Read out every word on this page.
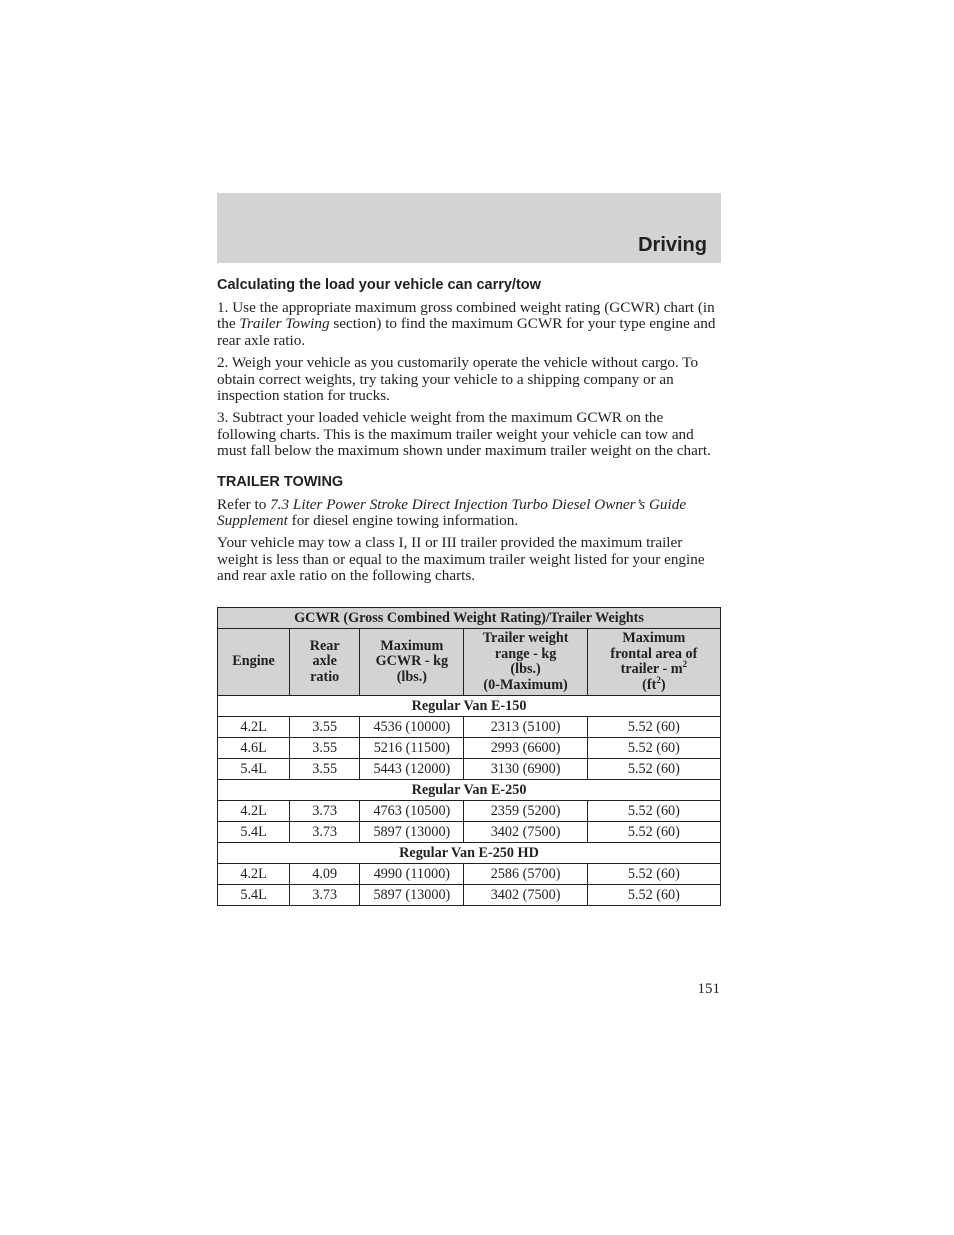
Driving
Calculating the load your vehicle can carry/tow

1. Use the appropriate maximum gross combined weight rating (GCWR) chart (in the Trailer Towing section) to find the maximum GCWR for your type engine and rear axle ratio.

2. Weigh your vehicle as you customarily operate the vehicle without cargo. To obtain correct weights, try taking your vehicle to a shipping company or an inspection station for trucks.

3. Subtract your loaded vehicle weight from the maximum GCWR on the following charts. This is the maximum trailer weight your vehicle can tow and must fall below the maximum shown under maximum trailer weight on the chart.

TRAILER TOWING

Refer to 7.3 Liter Power Stroke Direct Injection Turbo Diesel Owner’s Guide Supplement for diesel engine towing information.

Your vehicle may tow a class I, II or III trailer provided the maximum trailer weight is less than or equal to the maximum trailer weight listed for your engine and rear axle ratio on the following charts.

GCWR (Gross Combined Weight Rating)/Trailer Weights				
Engine	Rear
axle
ratio	Maximum
GCWR - kg
(lbs.)	Trailer weight
range - kg
(lbs.)
(0-Maximum)	Maximum
frontal area of
trailer - $m^2$
$(ft^2)$
Regular Van E-150				
4.2L	3.55	4536 (10000)	2313 (5100)	5.52 (60)
4.6L	3.55	5216 (11500)	2993 (6600)	5.52 (60)
5.4L	3.55	5443 (12000)	3130 (6900)	5.52 (60)
Regular Van E-250				
4.2L	3.73	4763 (10500)	2359 (5200)	5.52 (60)
5.4L	3.73	5897 (13000)	3402 (7500)	5.52 (60)
Regular Van E-250 HD				
4.2L	4.09	4990 (11000)	2586 (5700)	5.52 (60)
5.4L	3.73	5897 (13000)	3402 (7500)	5.52 (60)
151
